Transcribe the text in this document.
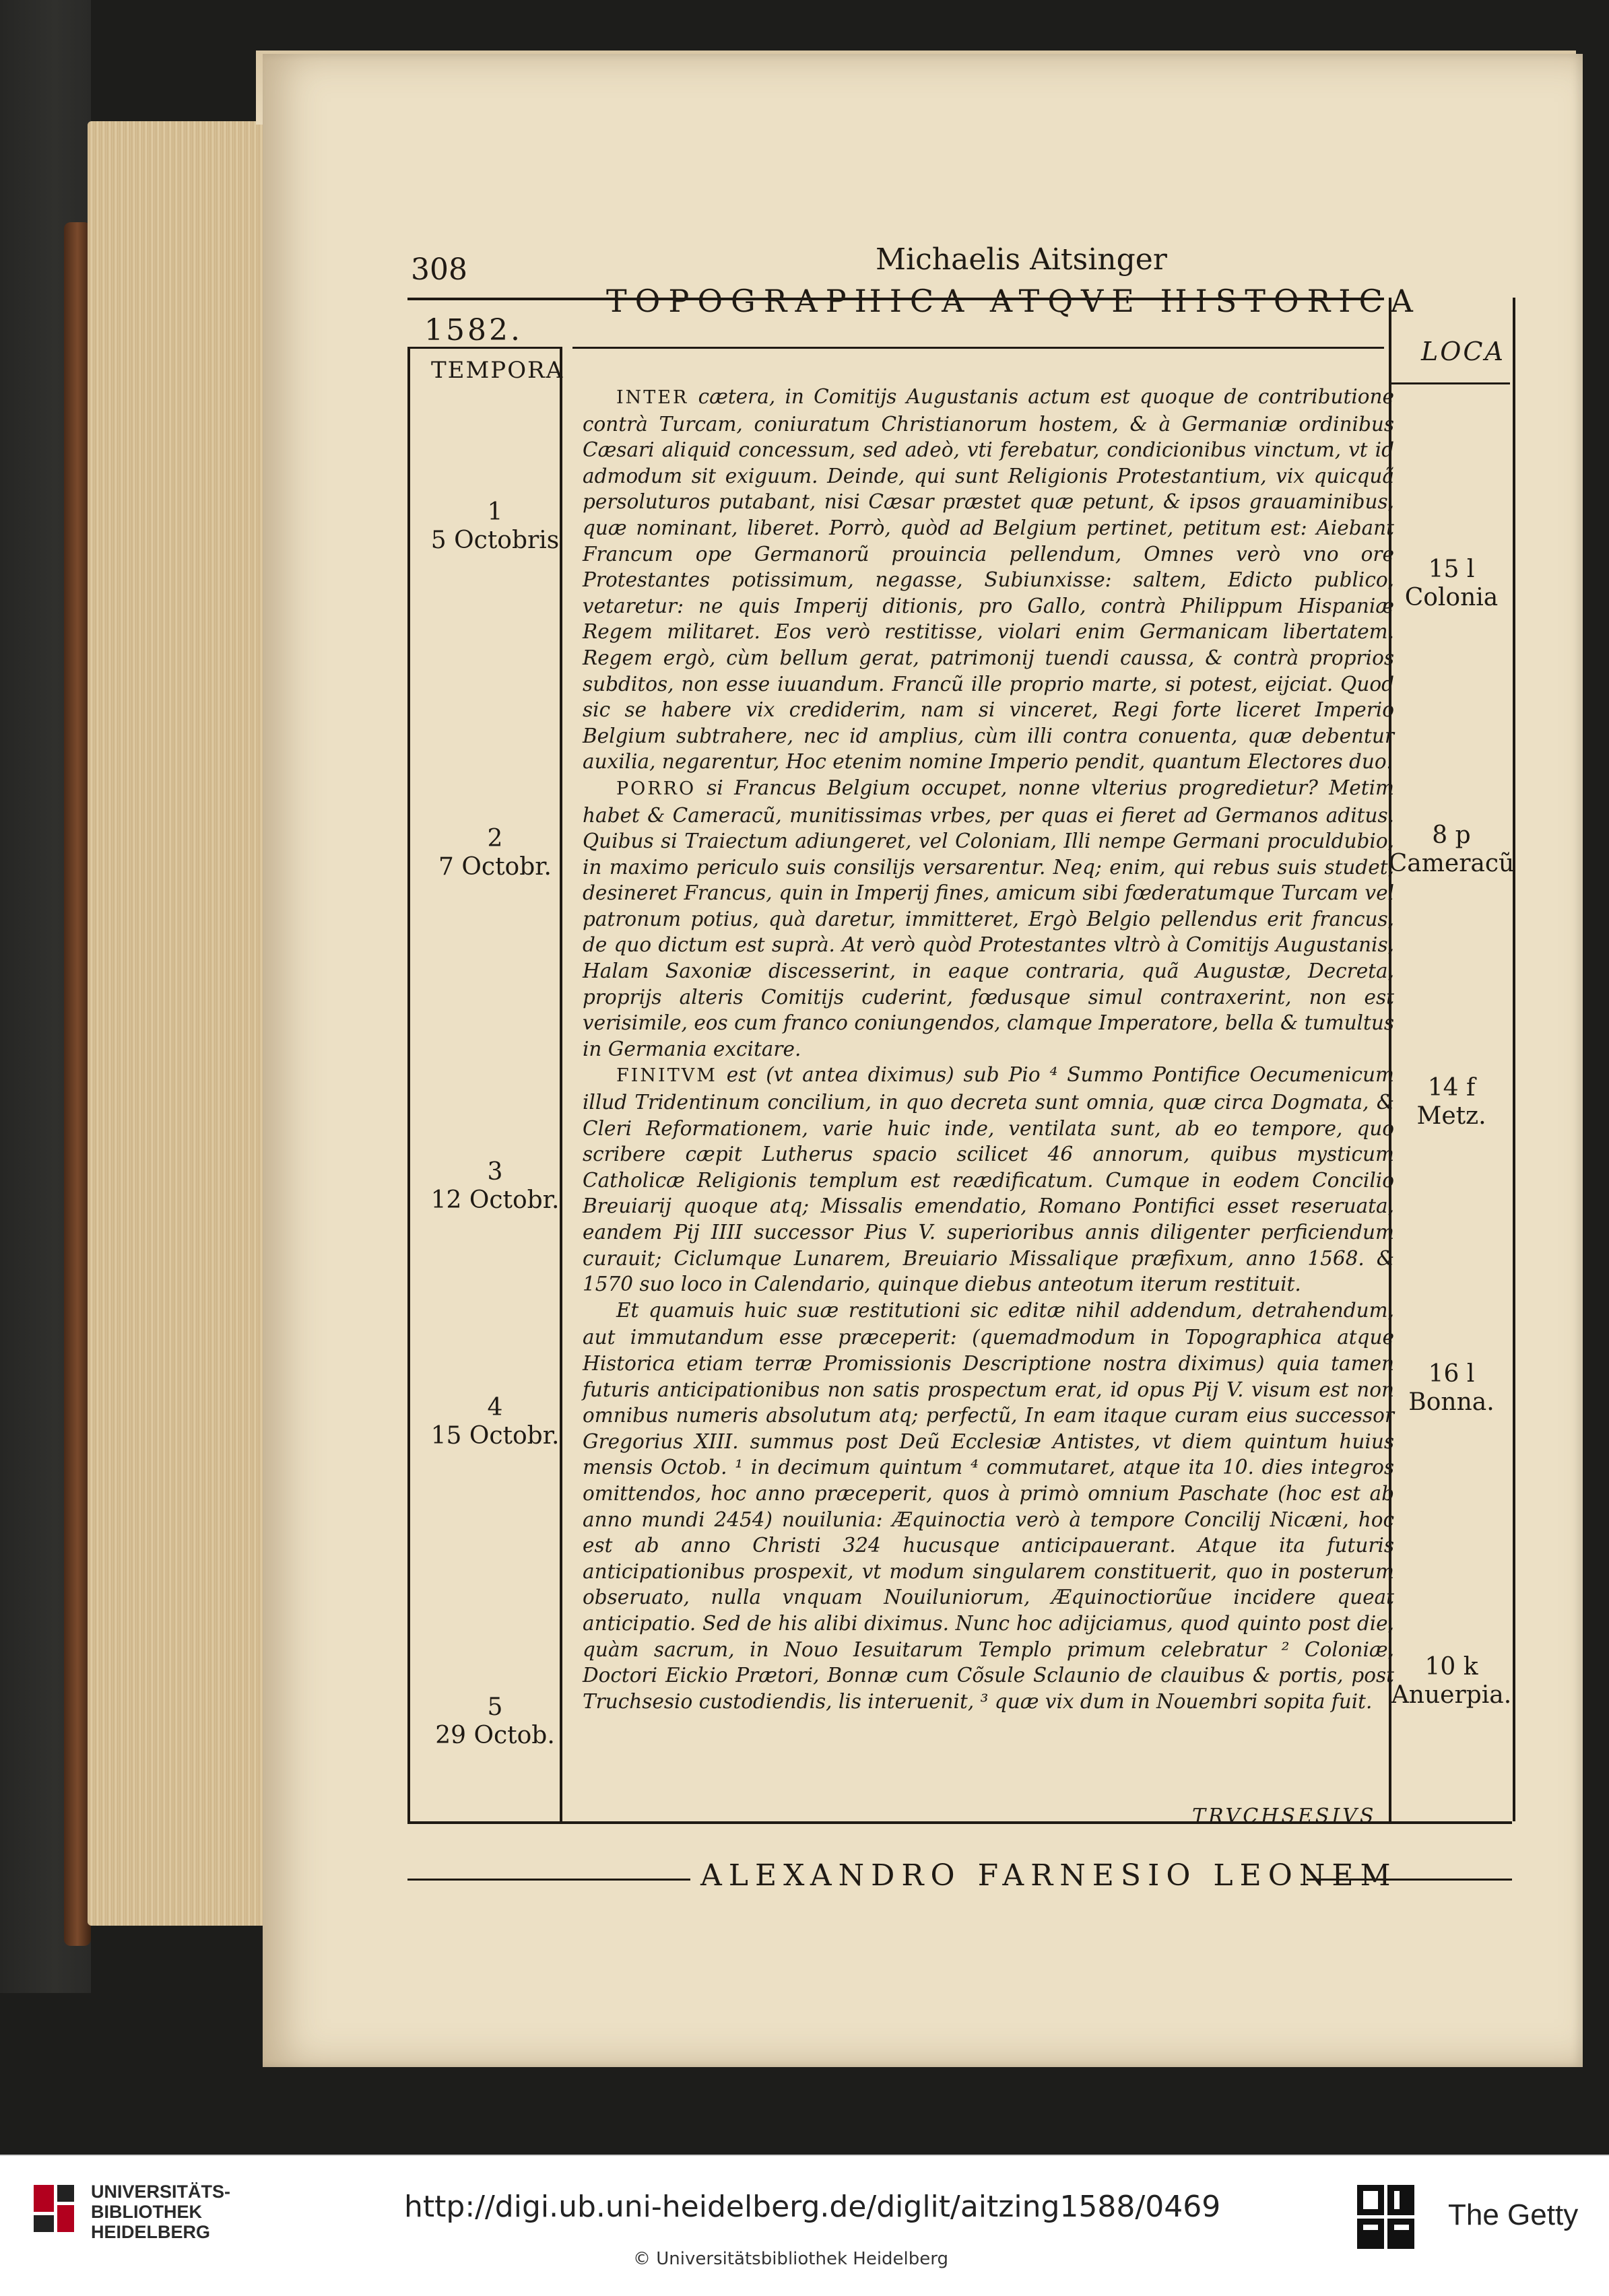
308	Michaelis Aitsinger
1582.
TEMPORA
TOPOGRAPHICA ATQVE HISTORICA
LOCA

INTER cætera, in Comitijs Augustanis actum est quoque de contributione contrà Turcam, coniuratum Christianorum hostem, & à Germaniæ ordinibus Cæsari aliquid concessum, sed adeò, vti ferebatur, condicionibus vinctum, vt id admodum sit exiguum. Deinde, qui sunt Religionis Protestantium, vix quicquã persoluturos putabant, nisi Cæsar præstet quæ petunt, & ipsos grauaminibus, quæ nominant, liberet. Porrò, quòd ad Belgium pertinet, petitum est: Aiebant Francum ope Germanorũ prouincia pellendum, Omnes verò vno ore Protestantes potissimum, negasse, Subiunxisse: saltem, Edicto publico, vetaretur: ne quis Imperij ditionis, pro Gallo, contrà Philippum Hispaniæ Regem militaret. Eos verò restitisse, violari enim Germanicam libertatem. Regem ergò, cùm bellum gerat, patrimonij tuendi caussa, & contrà proprios subditos, non esse iuuandum. Francũ ille proprio marte, si potest, eijciat. Quod sic se habere vix crediderim, nam si vinceret, Regi forte liceret Imperio Belgium subtrahere, nec id amplius, cùm illi contra conuenta, quæ debentur auxilia, negarentur, Hoc etenim nomine Imperio pendit, quantum Electores duo.

PORRO si Francus Belgium occupet, nonne vlterius progredietur? Metim habet & Cameracũ, munitissimas vrbes, per quas ei fieret ad Germanos aditus. Quibus si Traiectum adiungeret, vel Coloniam, Illi nempe Germani proculdubio, in maximo periculo suis consilijs versarentur. Neq; enim, qui rebus suis studet, desineret Francus, quin in Imperij fines, amicum sibi fœderatumque Turcam vel patronum potius, quà daretur, immitteret, Ergò Belgio pellendus erit francus, de quo dictum est suprà. At verò quòd Protestantes vltrò à Comitijs Augustanis, Halam Saxoniæ discesserint, in eaque contraria, quã Augustæ, Decreta, proprijs alteris Comitijs cuderint, fœdusque simul contraxerint, non est verisimile, eos cum franco coniungendos, clamque Imperatore, bella & tumultus in Germania excitare.

FINITVM est (vt antea diximus) sub Pio ⁴ Summo Pontifice Oecumenicum illud Tridentinum concilium, in quo decreta sunt omnia, quæ circa Dogmata, & Cleri Reformationem, varie huic inde, ventilata sunt, ab eo tempore, quo scribere cæpit Lutherus spacio scilicet 46 annorum, quibus mysticum Catholicæ Religionis templum est reædificatum. Cumque in eodem Concilio Breuiarij quoque atq; Missalis emendatio, Romano Pontifici esset reseruata, eandem Pij IIII successor Pius V. superioribus annis diligenter perficiendum curauit; Ciclumque Lunarem, Breuiario Missalique præfixum, anno 1568. & 1570 suo loco in Calendario, quinque diebus anteotum iterum restituit.

Et quamuis huic suæ restitutioni sic editæ nihil addendum, detrahendum, aut immutandum esse præceperit: (quemadmodum in Topographica atque Historica etiam terræ Promissionis Descriptione nostra diximus) quia tamen futuris anticipationibus non satis prospectum erat, id opus Pij V. visum est non omnibus numeris absolutum atq; perfectũ, In eam itaque curam eius successor Gregorius XIII. summus post Deũ Ecclesiæ Antistes, vt diem quintum huius mensis Octob. ¹ in decimum quintum ⁴ commutaret, atque ita 10. dies integros omittendos, hoc anno præceperit, quos à primò omnium Paschate (hoc est ab anno mundi 2454) nouilunia: Æquinoctia verò à tempore Concilij Nicæni, hoc est ab anno Christi 324 hucusque anticipauerant. Atque ita futuris anticipationibus prospexit, vt modum singularem constituerit, quo in posterum obseruato, nulla vnquam Nouiluniorum, Æquinoctiorũue incidere queat anticipatio. Sed de his alibi diximus. Nunc hoc adijciamus, quod quinto post die, quàm sacrum, in Nouo Iesuitarum Templo primum celebratur ² Coloniæ, Doctori Eickio Prætori, Bonnæ cum Cõsule Sclaunio de clauibus & portis, post Truchsesio custodiendis, lis interuenit, ³ quæ vix dum in Nouembri sopita fuit.

TRVCHSESIVS
ALEXANDRO FARNESIO LEONEM
1
5 Octobris
2
7 Octobr.
3
12 Octobr.
4
15 Octobr.
5
29 Octob.
15 l
Colonia
8 p
Cameracũ
14 f
Metz.
16 l
Bonna.
10 k
Anuerpia.
UNIVERSITÄTS-
BIBLIOTHEK
HEIDELBERG
http://digi.ub.uni-heidelberg.de/diglit/aitzing1588/0469
© Universitätsbibliothek Heidelberg
The Getty
